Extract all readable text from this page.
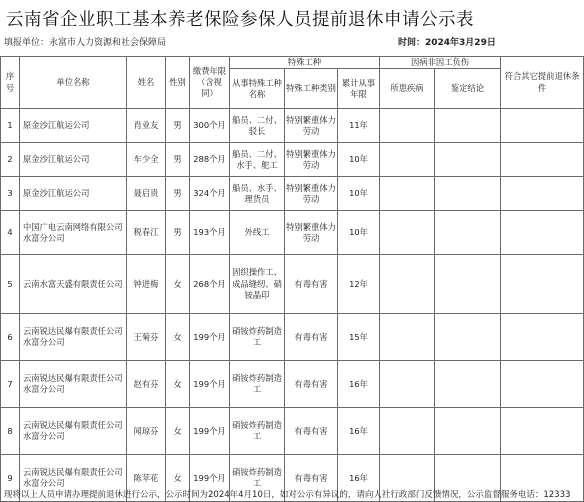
云南省企业职工基本养老保险参保人员提前退休申请公示表
填报单位：永富市人力资源和社会保障局	时间：2024年3月29日
序号	单位名称	姓名	性别	缴费年限（含视同）	特殊工种			因病非因工负伤		符合其它提前退休条件
					从事特殊工种名称	特殊工种类别	累计从事年限	所患疾病	鉴定结论	
1	原金沙江航运公司	肖业友	男	300个月	船员、二付、驳长	特别繁重体力劳动	11年			
2	原金沙江航运公司	车少全	男	288个月	船员、二付、水手、舵工	特别繁重体力劳动	10年			
3	原金沙江航运公司	聂启贵	男	324个月	船员、水手、理货员	特别繁重体力劳动	10年			
4	中国广电云南网络有限公司水富分公司	税春江	男	193个月	外线工	特别繁重体力劳动	10年			
5	云南水富天盛有限责任公司	钟进梅	女	268个月	固织操作工、成品缝纫、硝铵晶印	有毒有害	12年			
6	云南锐达民爆有限责任公司水富分公司	王菊芬	女	199个月	硝铵炸药制造工	有毒有害	15年			
7	云南锐达民爆有限责任公司水富分公司	赵有芬	女	199个月	硝铵炸药制造工	有毒有害	16年			
8	云南锐达民爆有限责任公司水富分公司	闻琼芬	女	199个月	硝铵炸药制造工	有毒有害	16年			
9	云南锐达民爆有限责任公司水富分公司	陈苹花	女	199个月	硝铵炸药制造工	有毒有害	16年			
现将以上人员申请办理提前退休进行公示，公示时间为2024年4月10日，如对公示有异议的，请向人社行政部门反馈情况，公示监督服务电话：12333
